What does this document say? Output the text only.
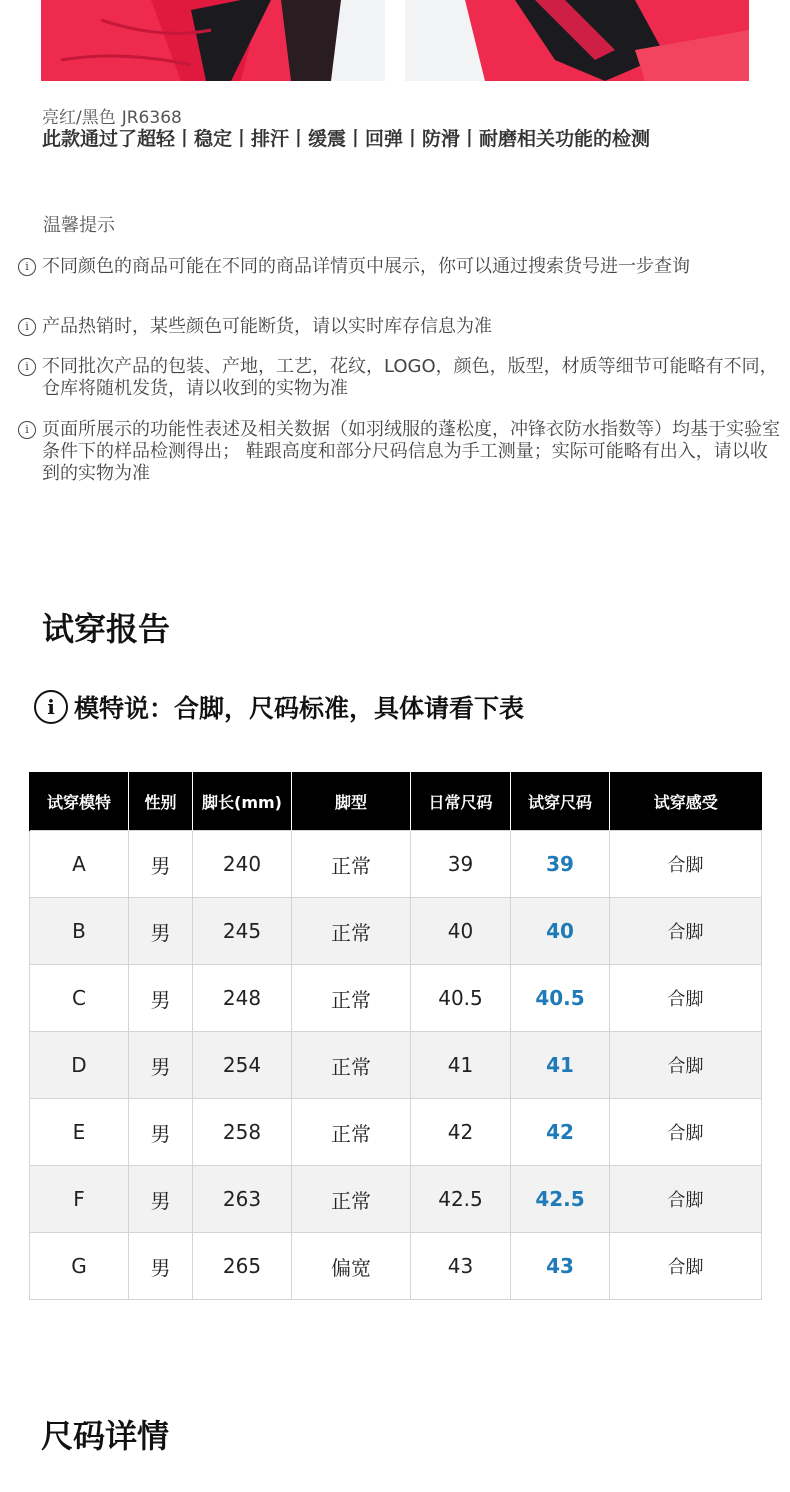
亮红/黑色 JR6368
此款通过了超轻丨稳定丨排汗丨缓震丨回弹丨防滑丨耐磨相关功能的检测
温馨提示
i 不同颜色的商品可能在不同的商品详情页中展示，你可以通过搜索货号进一步查询
i 产品热销时，某些颜色可能断货，请以实时库存信息为准
i 不同批次产品的包装、产地，工艺，花纹，LOGO，颜色，版型，材质等细节可能略有不同，仓库将随机发货，请以收到的实物为准
i 页面所展示的功能性表述及相关数据（如羽绒服的蓬松度，冲锋衣防水指数等）均基于实验室条件下的样品检测得出； 鞋跟高度和部分尺码信息为手工测量；实际可能略有出入，请以收到的实物为准
试穿报告
i 模特说：合脚，尺码标准，具体请看下表
试穿模特	性别	脚长(mm)	脚型	日常尺码	试穿尺码	试穿感受
A	男	240	正常	39	39	合脚
B	男	245	正常	40	40	合脚
C	男	248	正常	40.5	40.5	合脚
D	男	254	正常	41	41	合脚
E	男	258	正常	42	42	合脚
F	男	263	正常	42.5	42.5	合脚
G	男	265	偏宽	43	43	合脚
尺码详情
